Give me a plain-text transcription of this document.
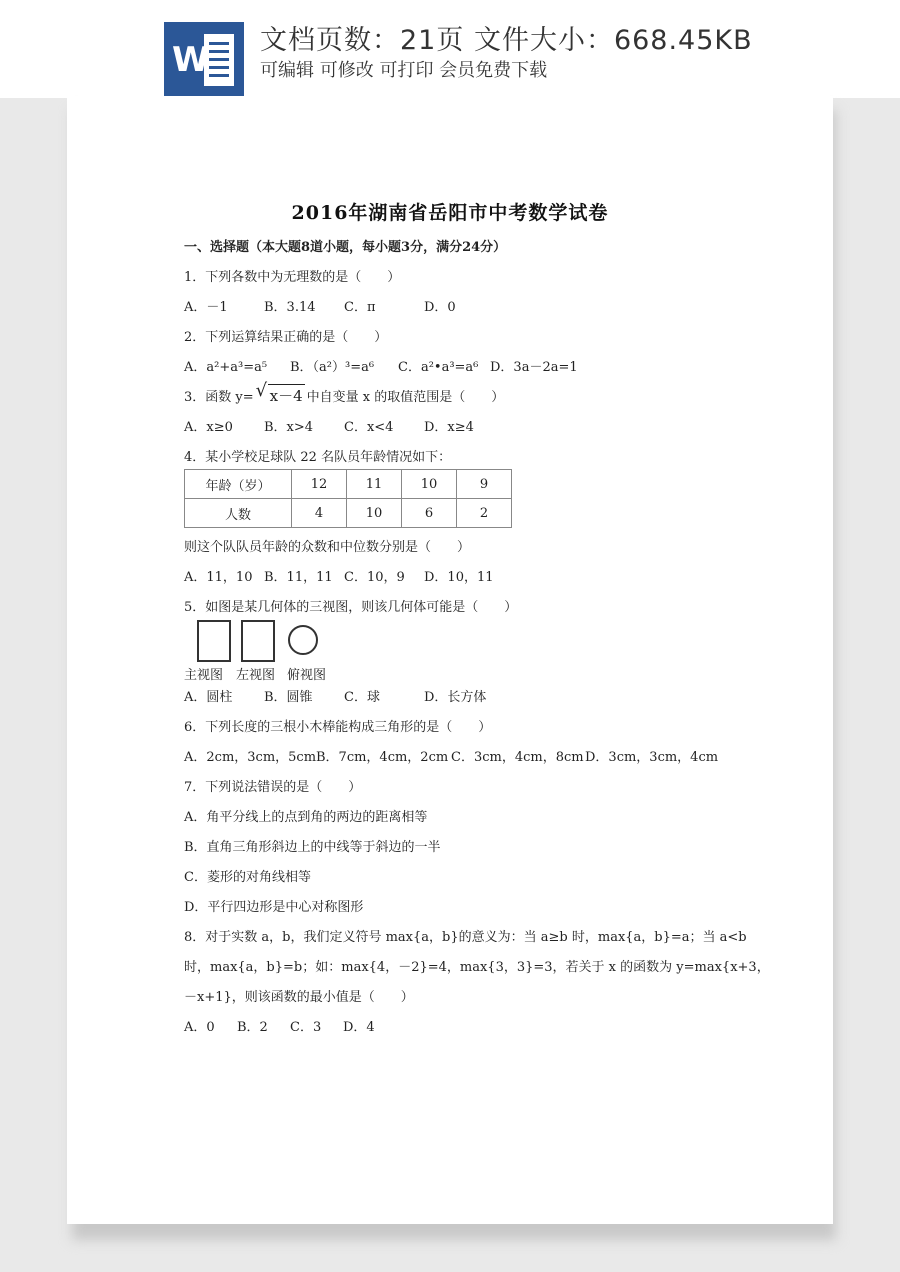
W 文档页数：21页 文件大小：668.45KB
可编辑 可修改 可打印 会员免费下载
2016年湖南省岳阳市中考数学试卷
一、选择题（本大题8道小题，每小题3分，满分24分）
1．下列各数中为无理数的是（　　）
A．－1	B．3.14 C．π	D．0
2．下列运算结果正确的是（　　）
A．a²+a³=a⁵ B．（a²）³=a⁶ C．a²•a³=a⁶ D．3a－2a=1
3．函数 y= √ x－4 中自变量 x 的取值范围是（　　）
A．x≥0 B．x>4 C．x<4 D．x≥4
4．某小学校足球队 22 名队员年龄情况如下：
年龄（岁）	12	11	10	9
人数	4	10	6	2
则这个队队员年龄的众数和中位数分别是（　　）
A．11，10 B．11，11 C．10，9 D．10，11
5．如图是某几何体的三视图，则该几何体可能是（　　）
主视图 左视图 俯视图
A．圆柱 B．圆锥 C．球	D．长方体
6．下列长度的三根小木棒能构成三角形的是（　　）
A．2cm，3cm，5cm B．7cm，4cm，2cm C．3cm，4cm，8cm D．3cm，3cm，4cm
7．下列说法错误的是（　　）
A．角平分线上的点到角的两边的距离相等
B．直角三角形斜边上的中线等于斜边的一半
C．菱形的对角线相等
D．平行四边形是中心对称图形
8．对于实数 a，b，我们定义符号 max{a，b}的意义为：当 a≥b 时，max{a，b}=a；当 a<b
时，max{a，b}=b；如：max{4，－2}=4，max{3，3}=3，若关于 x 的函数为 y=max{x+3，
－x+1}，则该函数的最小值是（　　）
A．0 B．2 C．3 D．4
